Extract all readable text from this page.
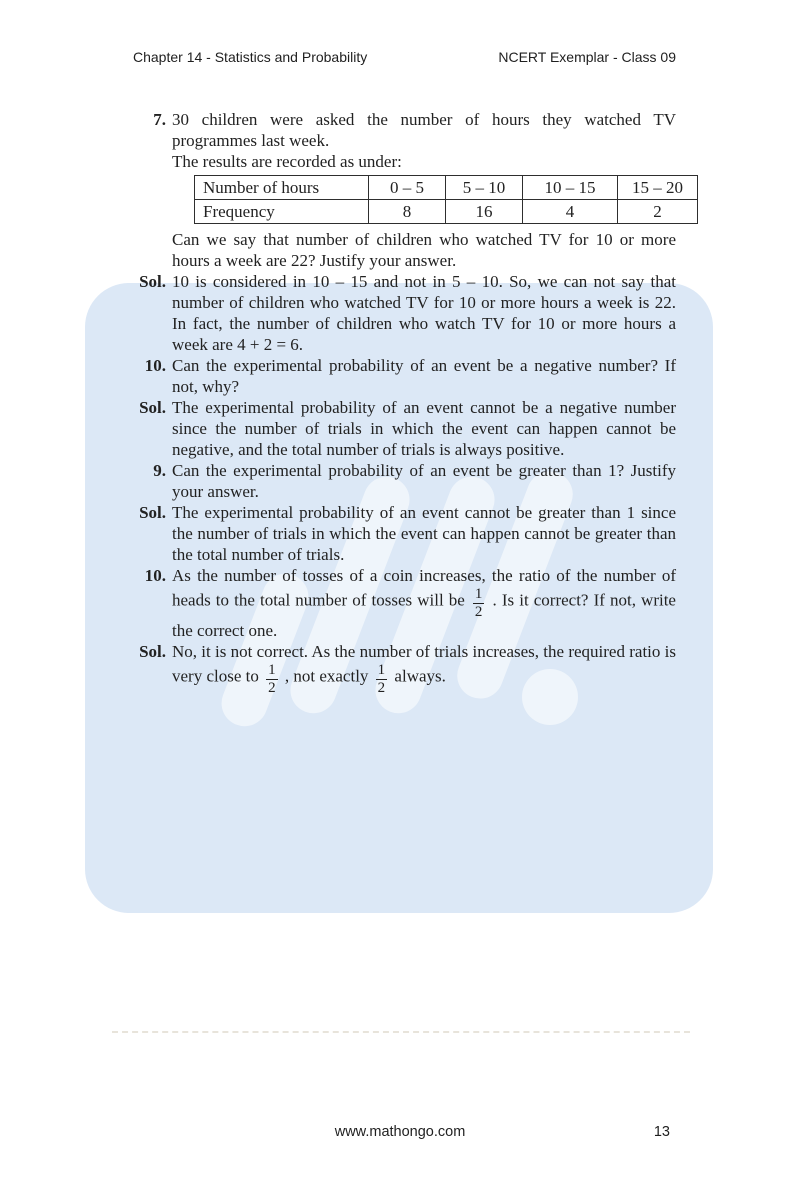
Chapter 14 - Statistics and Probability	NCERT Exemplar - Class 09
7. 30 children were asked the number of hours they watched TV programmes last week.

The results are recorded as under:

Number of hours	0 – 5	5 – 10	10 – 15	15 – 20
Frequency	8	16	4	2

Can we say that number of children who watched TV for 10 or more hours a week are 22? Justify your answer.

Sol. 10 is considered in 10 – 15 and not in 5 – 10. So, we can not say that number of children who watched TV for 10 or more hours a week is 22. In fact, the number of children who watch TV for 10 or more hours a week are 4 + 2 = 6.

10. Can the experimental probability of an event be a negative number? If not, why?

Sol. The experimental probability of an event cannot be a negative number since the number of trials in which the event can happen cannot be negative, and the total number of trials is always positive.

9. Can the experimental probability of an event be greater than 1? Justify your answer.

Sol. The experimental probability of an event cannot be greater than 1 since the number of trials in which the event can happen cannot be greater than the total number of trials.

10. As the number of tosses of a coin increases, the ratio of the number of heads to the total number of tosses will be $\frac{1}{2}$ . Is it correct? If not, write the correct one.

Sol. No, it is not correct. As the number of trials increases, the required ratio is very close to $\frac{1}{2}$ , not exactly $\frac{1}{2}$ always.

www.mathongo.com	13
